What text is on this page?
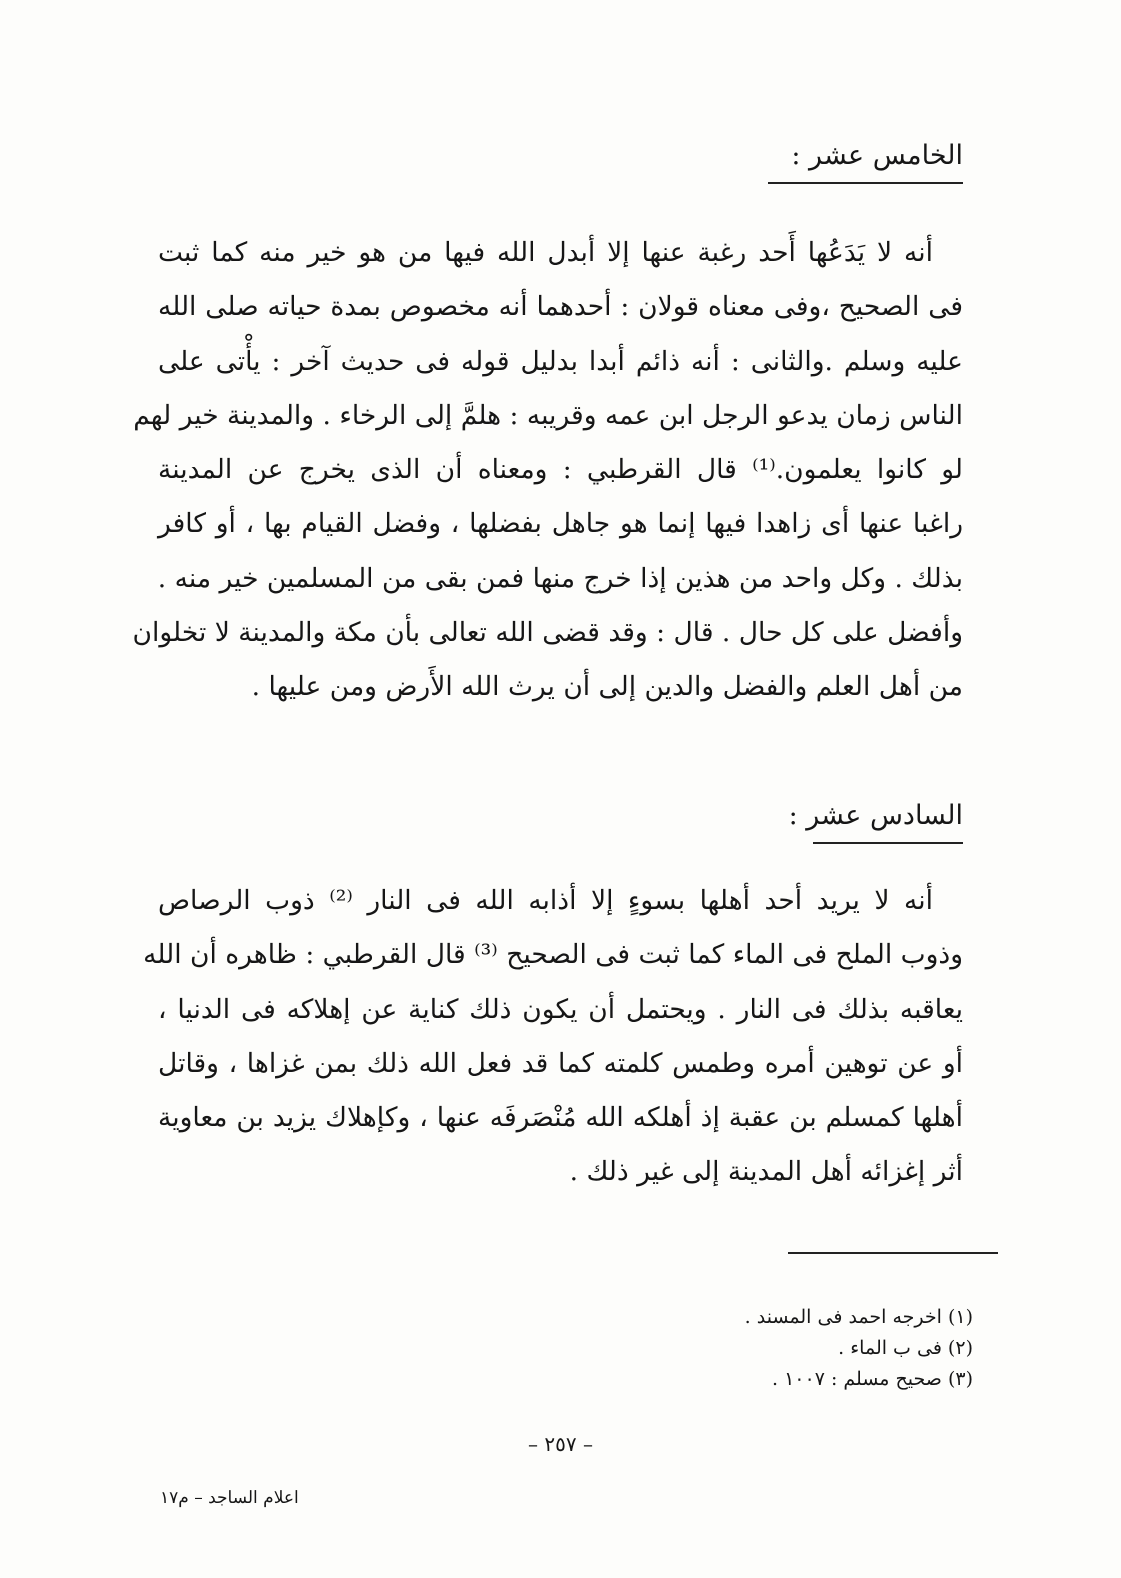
الخامس عشر :
أنه لا يَدَعُها أَحد رغبة عنها إلا أبدل الله فيها من هو خير منه كما ثبت
فى الصحيح ،وفى معناه قولان : أحدهما أنه مخصوص بمدة حياته صلى الله
عليه وسلم .والثانى : أنه ذائم أبدا بدليل قوله فى حديث آخر : يأْتى على
الناس زمان يدعو الرجل ابن عمه وقريبه : هلمَّ إلى الرخاء . والمدينة خير لهم
لو كانوا يعلمون.⁽¹⁾ قال القرطبي : ومعناه أن الذى يخرج عن المدينة
راغبا عنها أى زاهدا فيها إنما هو جاهل بفضلها ، وفضل القيام بها ، أو كافر
بذلك . وكل واحد من هذين إذا خرج منها فمن بقى من المسلمين خير منه .
وأفضل على كل حال . قال : وقد قضى الله تعالى بأن مكة والمدينة لا تخلوان
من أهل العلم والفضل والدين إلى أن يرث الله الأَرض ومن عليها .
السادس عشر :
أنه لا يريد أحد أهلها بسوءٍ إلا أذابه الله فى النار ⁽²⁾ ذوب الرصاص
وذوب الملح فى الماء كما ثبت فى الصحيح ⁽³⁾ قال القرطبي : ظاهره أن الله
يعاقبه بذلك فى النار . ويحتمل أن يكون ذلك كناية عن إهلاكه فى الدنيا ،
أو عن توهين أمره وطمس كلمته كما قد فعل الله ذلك بمن غزاها ، وقاتل
أهلها كمسلم بن عقبة إذ أهلكه الله مُنْصَرفَه عنها ، وكإهلاك يزيد بن معاوية
أثر إغزائه أهل المدينة إلى غير ذلك .
(١) اخرجه احمد فى المسند .
(٢) فى ب الماء .
(٣) صحيح مسلم : ١٠٠٧ .
– ٢٥٧ –
اعلام الساجد – م١٧
